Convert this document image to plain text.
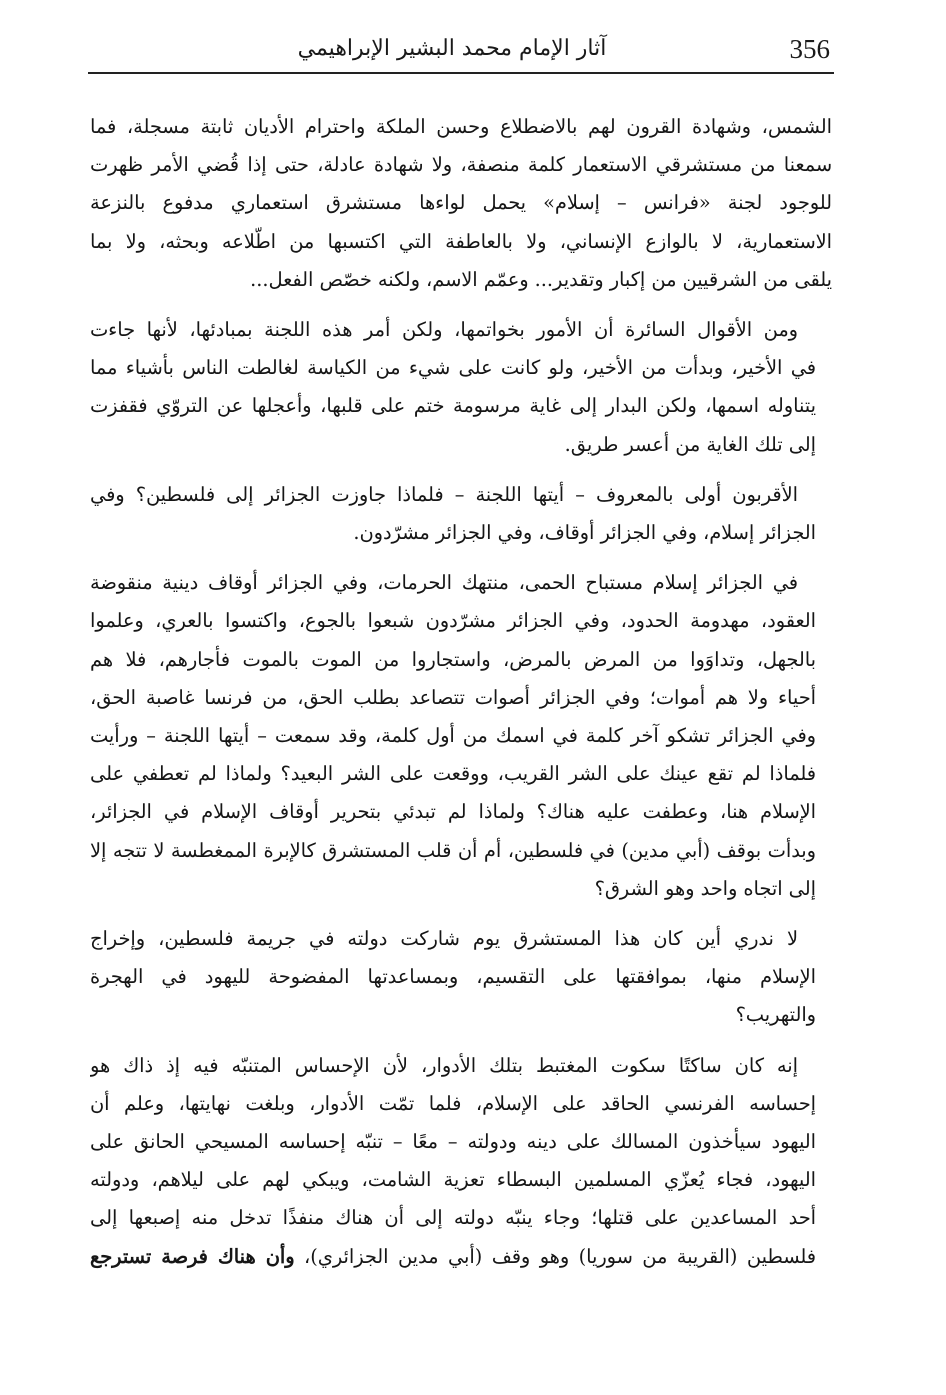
356
آثار الإمام محمد البشير الإبراهيمي
الشمس، وشهادة القرون لهم بالاضطلاع وحسن الملكة واحترام الأديان ثابتة مسجلة، فما
سمعنا من مستشرقي الاستعمار كلمة منصفة، ولا شهادة عادلة، حتى إذا قُضي الأمر ظهرت
للوجود لجنة «فرانس – إسلام» يحمل لواءها مستشرق استعماري مدفوع بالنزعة
الاستعمارية، لا بالوازع الإنساني، ولا بالعاطفة التي اكتسبها من اطّلاعه وبحثه، ولا بما
يلقى من الشرقيين من إكبار وتقدير... وعمّم الاسم، ولكنه خصّص الفعل...
ومن الأقوال السائرة أن الأمور بخواتمها، ولكن أمر هذه اللجنة بمبادئها، لأنها جاءت
في الأخير، وبدأت من الأخير، ولو كانت على شيء من الكياسة لغالطت الناس بأشياء مما
يتناوله اسمها، ولكن البدار إلى غاية مرسومة ختم على قلبها، وأعجلها عن التروّي فقفزت
إلى تلك الغاية من أعسر طريق.
الأقربون أولى بالمعروف – أيتها اللجنة – فلماذا جاوزت الجزائر إلى فلسطين؟ وفي
الجزائر إسلام، وفي الجزائر أوقاف، وفي الجزائر مشرّدون.
في الجزائر إسلام مستباح الحمى، منتهك الحرمات، وفي الجزائر أوقاف دينية منقوضة
العقود، مهدومة الحدود، وفي الجزائر مشرّدون شبعوا بالجوع، واكتسوا بالعري، وعلموا
بالجهل، وتداوَوا من المرض بالمرض، واستجاروا من الموت بالموت فأجارهم، فلا هم
أحياء ولا هم أموات؛ وفي الجزائر أصوات تتصاعد بطلب الحق، من فرنسا غاصبة الحق،
وفي الجزائر تشكو آخر كلمة في اسمك من أول كلمة، وقد سمعت – أيتها اللجنة – ورأيت
فلماذا لم تقع عينك على الشر القريب، ووقعت على الشر البعيد؟ ولماذا لم تعطفي على
الإسلام هنا، وعطفت عليه هناك؟ ولماذا لم تبدئي بتحرير أوقاف الإسلام في الجزائر،
وبدأت بوقف (أبي مدين) في فلسطين، أم أن قلب المستشرق كالإبرة الممغطسة لا تتجه إلا
إلى اتجاه واحد وهو الشرق؟
لا ندري أين كان هذا المستشرق يوم شاركت دولته في جريمة فلسطين، وإخراج
الإسلام منها، بموافقتها على التقسيم، وبمساعدتها المفضوحة لليهود في الهجرة
والتهريب؟
إنه كان ساكتًا سكوت المغتبط بتلك الأدوار، لأن الإحساس المتنبّه فيه إذ ذاك هو
إحساسه الفرنسي الحاقد على الإسلام، فلما تمّت الأدوار، وبلغت نهايتها، وعلم أن
اليهود سيأخذون المسالك على دينه ودولته – معًا – تنبّه إحساسه المسيحي الحانق على
اليهود، فجاء يُعزّي المسلمين البسطاء تعزية الشامت، ويبكي لهم على ليلاهم، ودولته
أحد المساعدين على قتلها؛ وجاء ينبّه دولته إلى أن هناك منفذًا تدخل منه إصبعها إلى
فلسطين (القريبة من سوريا) وهو وقف (أبي مدين الجزائري)، وأن هناك فرصة تسترجع
